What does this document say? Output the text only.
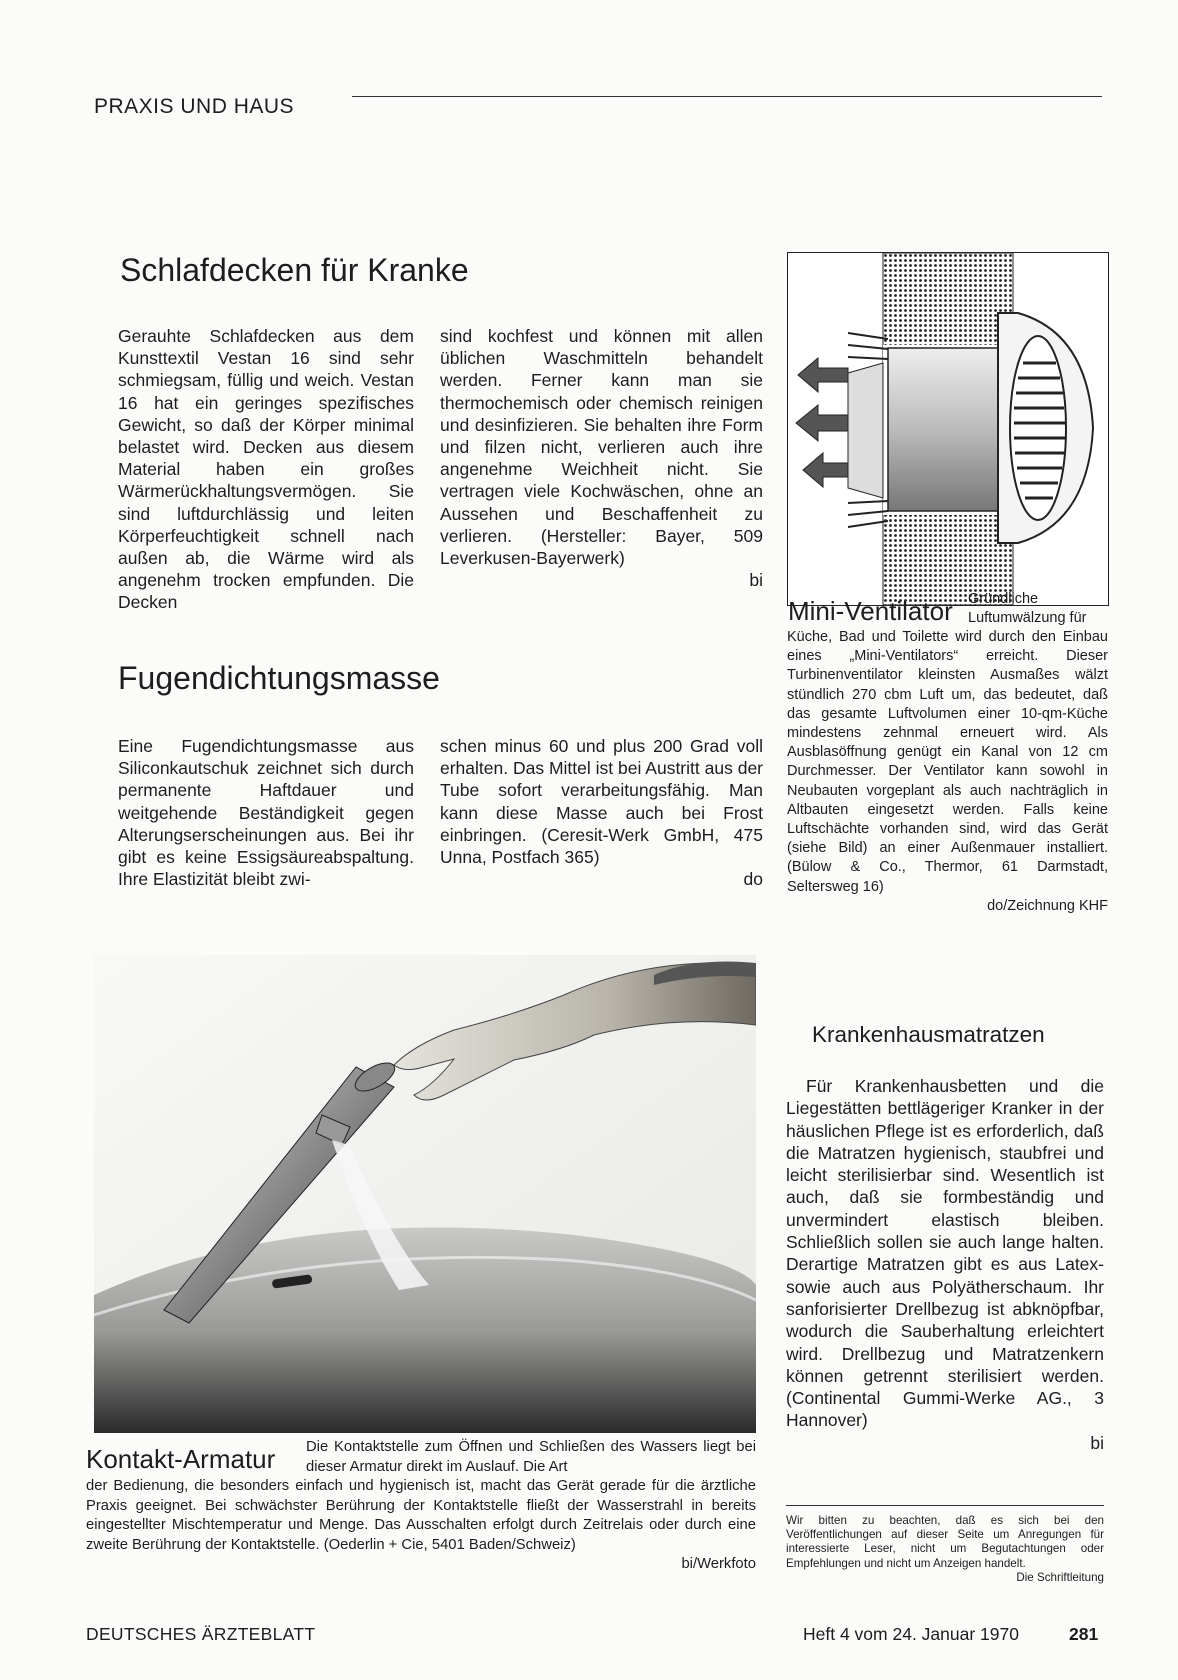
PRAXIS UND HAUS
Schlafdecken für Kranke

Gerauhte Schlafdecken aus dem Kunsttextil Vestan 16 sind sehr schmiegsam, füllig und weich. Vestan 16 hat ein geringes spezifisches Gewicht, so daß der Körper minimal belastet wird. Decken aus diesem Material haben ein großes Wärmerückhaltungsvermögen. Sie sind luftdurchlässig und leiten Körperfeuchtigkeit schnell nach außen ab, die Wärme wird als angenehm trocken empfunden. Die Decken

sind kochfest und können mit allen üblichen Waschmitteln behandelt werden. Ferner kann man sie thermochemisch oder chemisch reinigen und desinfizieren. Sie behalten ihre Form und filzen nicht, verlieren auch ihre angenehme Weichheit nicht. Sie vertragen viele Kochwäschen, ohne an Aussehen und Beschaffenheit zu verlieren. (Hersteller: Bayer, 509 Leverkusen-Bayerwerk)

bi
Fugendichtungsmasse

Eine Fugendichtungsmasse aus Siliconkautschuk zeichnet sich durch permanente Haftdauer und weitgehende Beständigkeit gegen Alterungserscheinungen aus. Bei ihr gibt es keine Essigsäureabspaltung. Ihre Elastizität bleibt zwi-

schen minus 60 und plus 200 Grad voll erhalten. Das Mittel ist bei Austritt aus der Tube sofort verarbeitungsfähig. Man kann diese Masse auch bei Frost einbringen. (Ceresit-Werk GmbH, 475 Unna, Postfach 365)

do
Mini-Ventilator Gründliche Luftumwälzung für

Küche, Bad und Toilette wird durch den Einbau eines „Mini-Ventilators“ erreicht. Dieser Turbinenventilator kleinsten Ausmaßes wälzt stündlich 270 cbm Luft um, das bedeutet, daß das gesamte Luftvolumen einer 10-qm-Küche mindestens zehnmal erneuert wird. Als Ausblasöffnung genügt ein Kanal von 12 cm Durchmesser. Der Ventilator kann sowohl in Neubauten vorgeplant als auch nachträglich in Altbauten eingesetzt werden. Falls keine Luftschächte vorhanden sind, wird das Gerät (siehe Bild) an einer Außenmauer installiert. (Bülow & Co., Thermor, 61 Darmstadt, Seltersweg 16)

do/Zeichnung KHF
Krankenhausmatratzen

Für Krankenhausbetten und die Liegestätten bettlägeriger Kranker in der häuslichen Pflege ist es erforderlich, daß die Matratzen hygienisch, staubfrei und leicht sterilisierbar sind. Wesentlich ist auch, daß sie formbeständig und unvermindert elastisch bleiben. Schließlich sollen sie auch lange halten. Derartige Matratzen gibt es aus Latex- sowie auch aus Polyätherschaum. Ihr sanforisierter Drellbezug ist abknöpfbar, wodurch die Sauberhaltung erleichtert wird. Drellbezug und Matratzenkern können getrennt sterilisiert werden. (Continental Gummi-Werke AG., 3 Hannover)

bi
Kontakt-Armatur Die Kontaktstelle zum Öffnen und Schließen des Wassers liegt bei dieser Armatur direkt im Auslauf. Die Art

der Bedienung, die besonders einfach und hygienisch ist, macht das Gerät gerade für die ärztliche Praxis geeignet. Bei schwächster Berührung der Kontaktstelle fließt der Wasserstrahl in bereits eingestellter Mischtemperatur und Menge. Das Ausschalten erfolgt durch Zeitrelais oder durch eine zweite Berührung der Kontaktstelle. (Oederlin + Cie, 5401 Baden/Schweiz)

bi/Werkfoto

Wir bitten zu beachten, daß es sich bei den Veröffentlichungen auf dieser Seite um Anregungen für interessierte Leser, nicht um Begutachtungen oder Empfehlungen und nicht um Anzeigen handelt.

Die Schriftleitung
DEUTSCHES ÄRZTEBLATT	Heft 4 vom 24. Januar 1970	281
